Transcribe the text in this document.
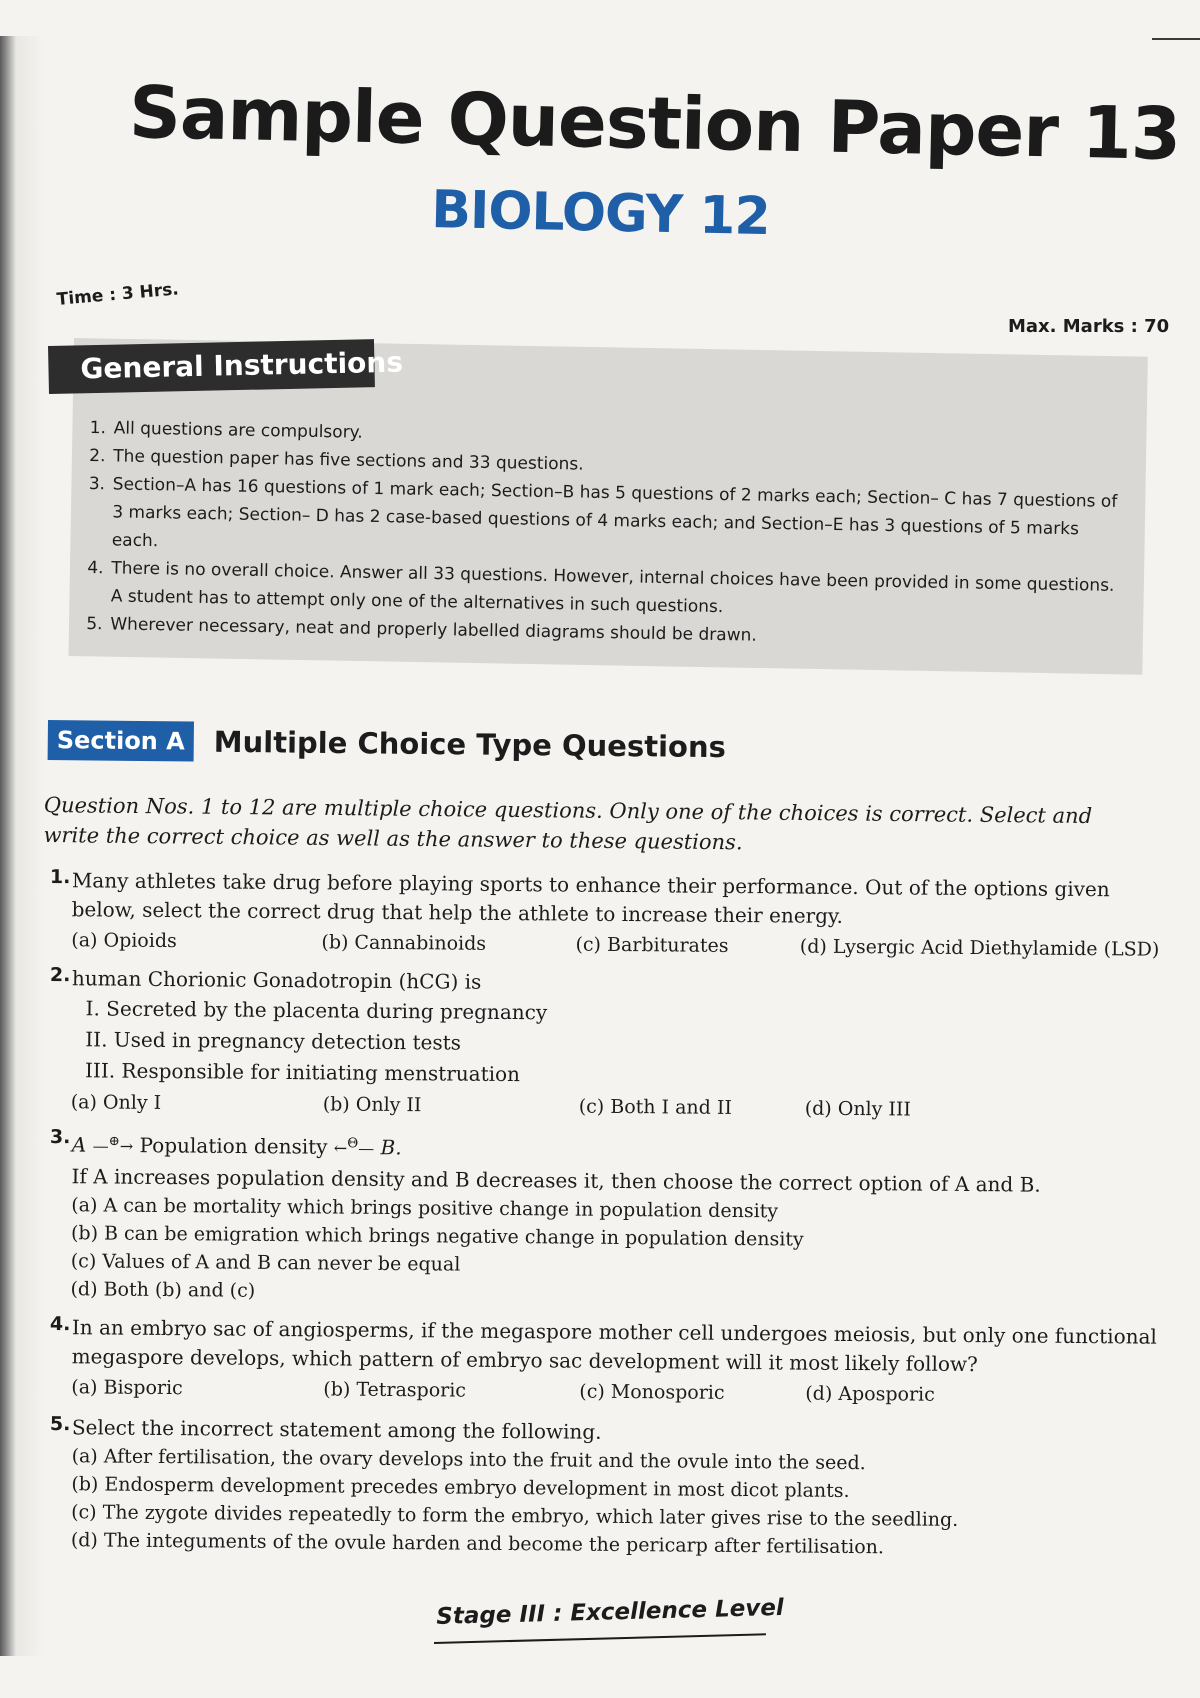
Sample Question Paper 13
BIOLOGY 12
Time : 3 Hrs.
Max. Marks : 70
General Instructions
1. All questions are compulsory.
2. The question paper has five sections and 33 questions.
3. Section–A has 16 questions of 1 mark each; Section–B has 5 questions of 2 marks each; Section– C has 7 questions of 3 marks each; Section– D has 2 case-based questions of 4 marks each; and Section–E has 3 questions of 5 marks each.
4. There is no overall choice. Answer all 33 questions. However, internal choices have been provided in some questions. A student has to attempt only one of the alternatives in such questions.
5. Wherever necessary, neat and properly labelled diagrams should be drawn.
Section A Multiple Choice Type Questions
Question Nos. 1 to 12 are multiple choice questions. Only one of the choices is correct. Select and write the correct choice as well as the answer to these questions.
1. Many athletes take drug before playing sports to enhance their performance. Out of the options given below, select the correct drug that help the athlete to increase their energy.
(a) Opioids	(b) Cannabinoids	(c) Barbiturates	(d) Lysergic Acid Diethylamide (LSD)
2. human Chorionic Gonadotropin (hCG) is
I. Secreted by the placenta during pregnancy
II. Used in pregnancy detection tests
III. Responsible for initiating menstruation
(a) Only I	(b) Only II	(c) Both I and II	(d) Only III
3. A —⊕→ Population density ←$^\Theta$— B.
If A increases population density and B decreases it, then choose the correct option of A and B.
(a) A can be mortality which brings positive change in population density
(b) B can be emigration which brings negative change in population density
(c) Values of A and B can never be equal
(d) Both (b) and (c)
4. In an embryo sac of angiosperms, if the megaspore mother cell undergoes meiosis, but only one functional megaspore develops, which pattern of embryo sac development will it most likely follow?
(a) Bisporic	(b) Tetrasporic	(c) Monosporic	(d) Aposporic
5. Select the incorrect statement among the following.
(a) After fertilisation, the ovary develops into the fruit and the ovule into the seed.
(b) Endosperm development precedes embryo development in most dicot plants.
(c) The zygote divides repeatedly to form the embryo, which later gives rise to the seedling.
(d) The integuments of the ovule harden and become the pericarp after fertilisation.
Stage III : Excellence Level
